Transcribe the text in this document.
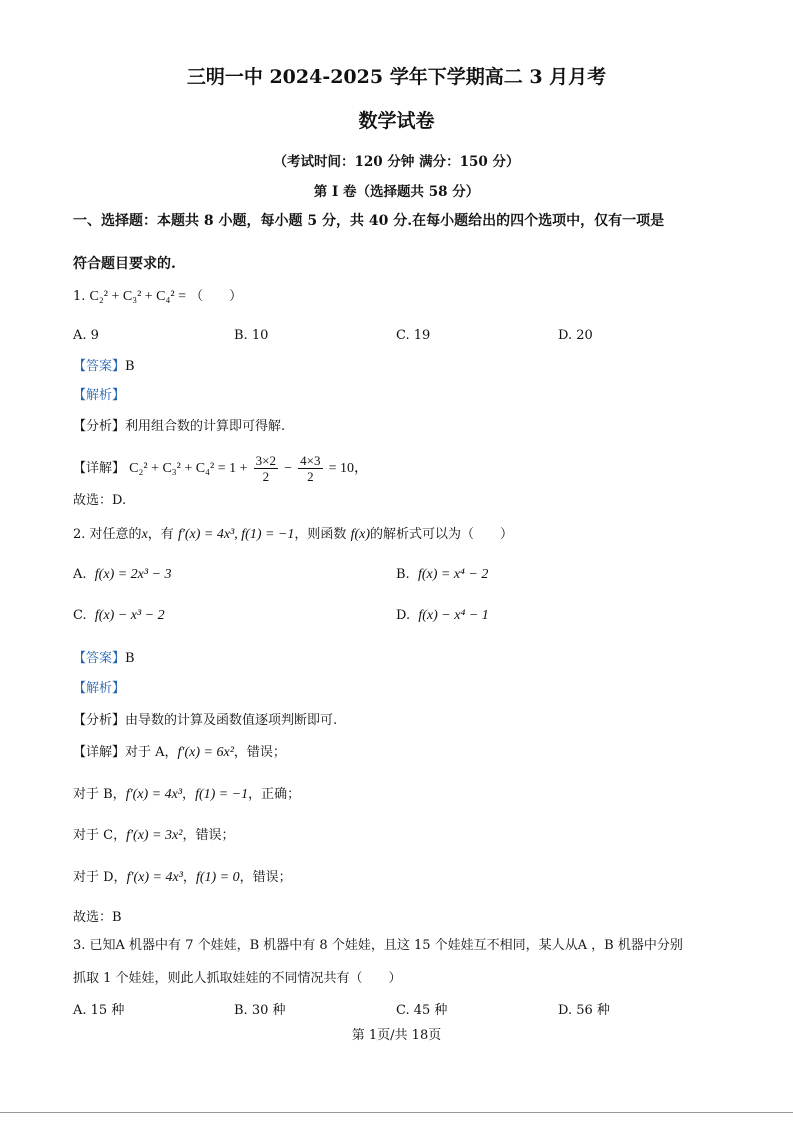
三明一中 2024-2025 学年下学期高二 3 月月考
数学试卷
（考试时间：120 分钟 满分：150 分）
第 I 卷（选择题共 58 分）
一、选择题：本题共 8 小题，每小题 5 分，共 40 分.在每小题给出的四个选项中，仅有一项是
符合题目要求的.
1. C₂² + C₃² + C₄² = （　　）
A. 9	B. 10	C. 19	D. 20
【答案】B
【解析】
【分析】利用组合数的计算即可得解.
【详解】 $C_2^2 + C_3^2 + C_4^2 = 1 + \frac{3\times 2}{2} - \frac{4\times 3}{2} = 10$，
故选：D.
2. 对任意的x，有 f′(x) = 4x³, f(1) = −1，则函数 f(x)的解析式可以为（　　）
A. f(x) = 2x³ − 3	B. f(x) = x⁴ − 2
C. f(x) − x³ − 2	D. f(x) − x⁴ − 1
【答案】B
【解析】
【分析】由导数的计算及函数值逐项判断即可.
【详解】对于 A，f′(x) = 6x²，错误；
对于 B，f′(x) = 4x³，f(1) = −1，正确；
对于 C，f′(x) = 3x²，错误；
对于 D，f′(x) = 4x³，f(1) = 0，错误；
故选：B
3. 已知A 机器中有 7 个娃娃，B 机器中有 8 个娃娃，且这 15 个娃娃互不相同，某人从A ，B 机器中分别
抓取 1 个娃娃，则此人抓取娃娃的不同情况共有（　　）
A. 15 种	B. 30 种	C. 45 种	D. 56 种
第 1页/共 18页
